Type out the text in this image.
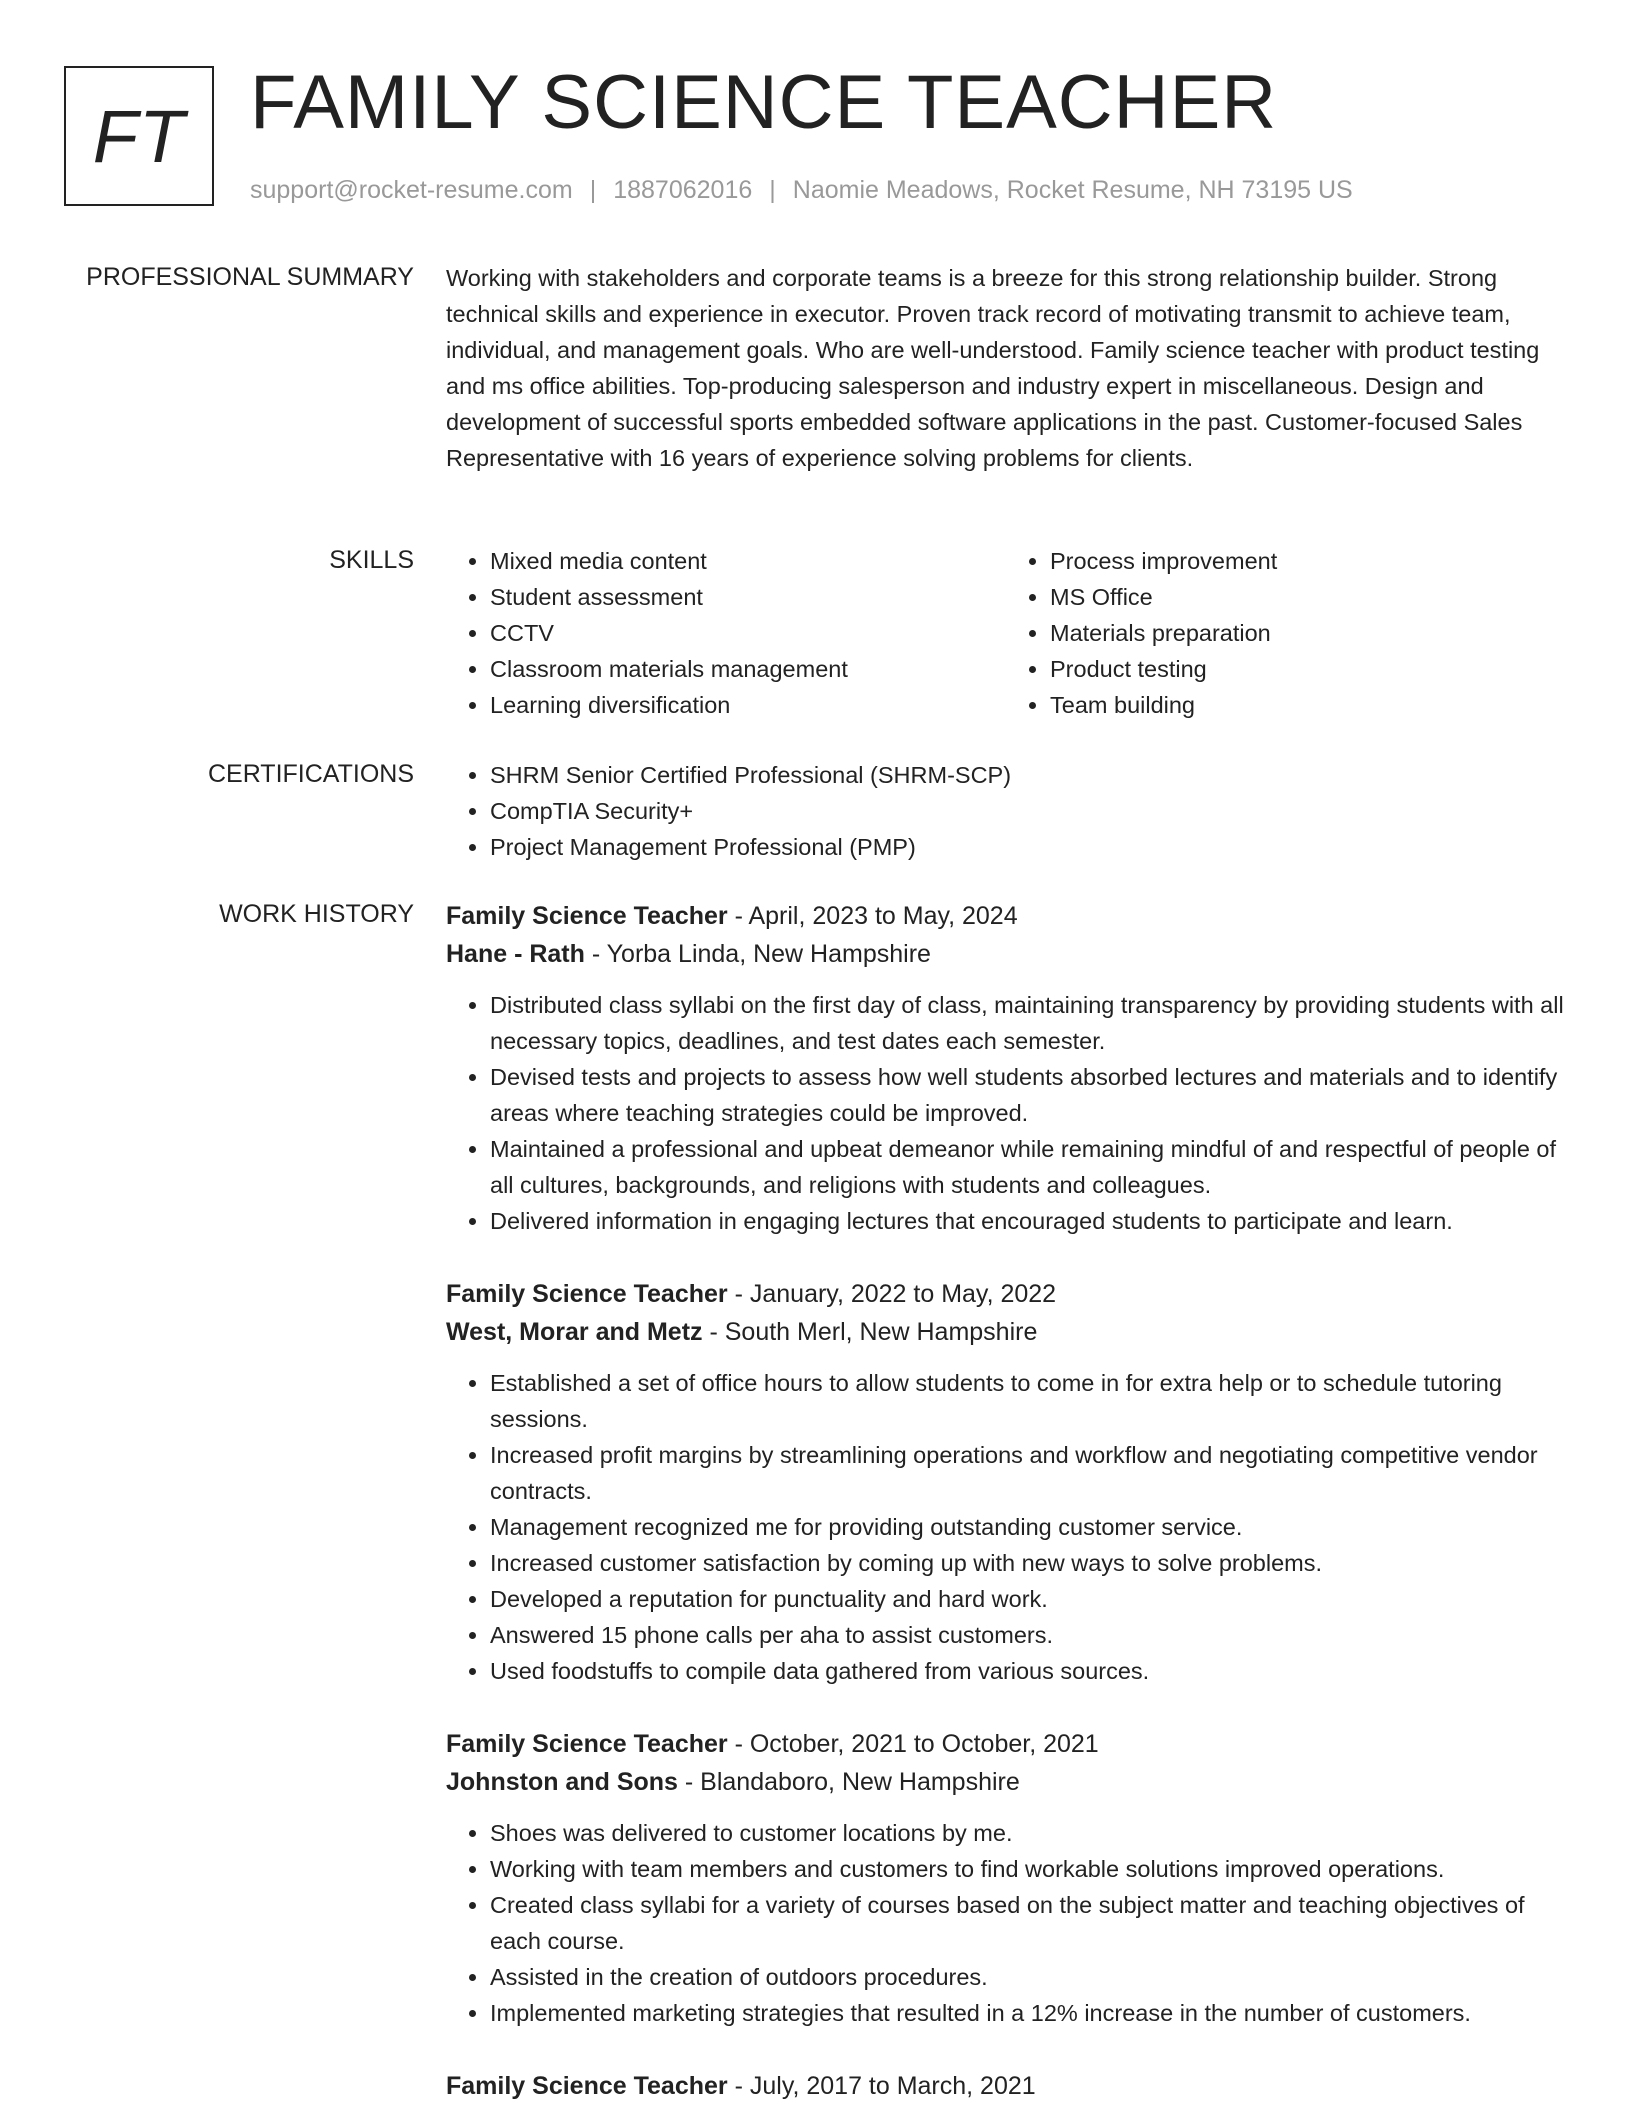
FT FAMILY SCIENCE TEACHER
support@rocket-resume.com | 1887062016 | Naomie Meadows, Rocket Resume, NH 73195 US
PROFESSIONAL SUMMARY Working with stakeholders and corporate teams is a breeze for this strong relationship builder. Strong technical skills and experience in executor. Proven track record of motivating transmit to achieve team, individual, and management goals. Who are well-understood. Family science teacher with product testing and ms office abilities. Top-producing salesperson and industry expert in miscellaneous. Design and development of successful sports embedded software applications in the past. Customer-focused Sales Representative with 16 years of experience solving problems for clients.

SKILLS	• Mixed media content
• Student assessment
• CCTV
• Classroom materials management
• Learning diversification
• Process improvement
• MS Office
• Materials preparation
• Product testing
• Team building
CERTIFICATIONS	• SHRM Senior Certified Professional (SHRM-SCP)
• CompTIA Security+
• Project Management Professional (PMP)
WORK HISTORY Family Science Teacher - April, 2023 to May, 2024
Hane - Rath - Yorba Linda, New Hampshire
• Distributed class syllabi on the first day of class, maintaining transparency by providing students with all necessary topics, deadlines, and test dates each semester.
• Devised tests and projects to assess how well students absorbed lectures and materials and to identify areas where teaching strategies could be improved.
• Maintained a professional and upbeat demeanor while remaining mindful of and respectful of people of all cultures, backgrounds, and religions with students and colleagues.
• Delivered information in engaging lectures that encouraged students to participate and learn.
Family Science Teacher - January, 2022 to May, 2022
West, Morar and Metz - South Merl, New Hampshire
• Established a set of office hours to allow students to come in for extra help or to schedule tutoring sessions.
• Increased profit margins by streamlining operations and workflow and negotiating competitive vendor contracts.
• Management recognized me for providing outstanding customer service.
• Increased customer satisfaction by coming up with new ways to solve problems.
• Developed a reputation for punctuality and hard work.
• Answered 15 phone calls per aha to assist customers.
• Used foodstuffs to compile data gathered from various sources.
Family Science Teacher - October, 2021 to October, 2021
Johnston and Sons - Blandaboro, New Hampshire
• Shoes was delivered to customer locations by me.
• Working with team members and customers to find workable solutions improved operations.
• Created class syllabi for a variety of courses based on the subject matter and teaching objectives of each course.
• Assisted in the creation of outdoors procedures.
• Implemented marketing strategies that resulted in a 12% increase in the number of customers.
Family Science Teacher - July, 2017 to March, 2021
